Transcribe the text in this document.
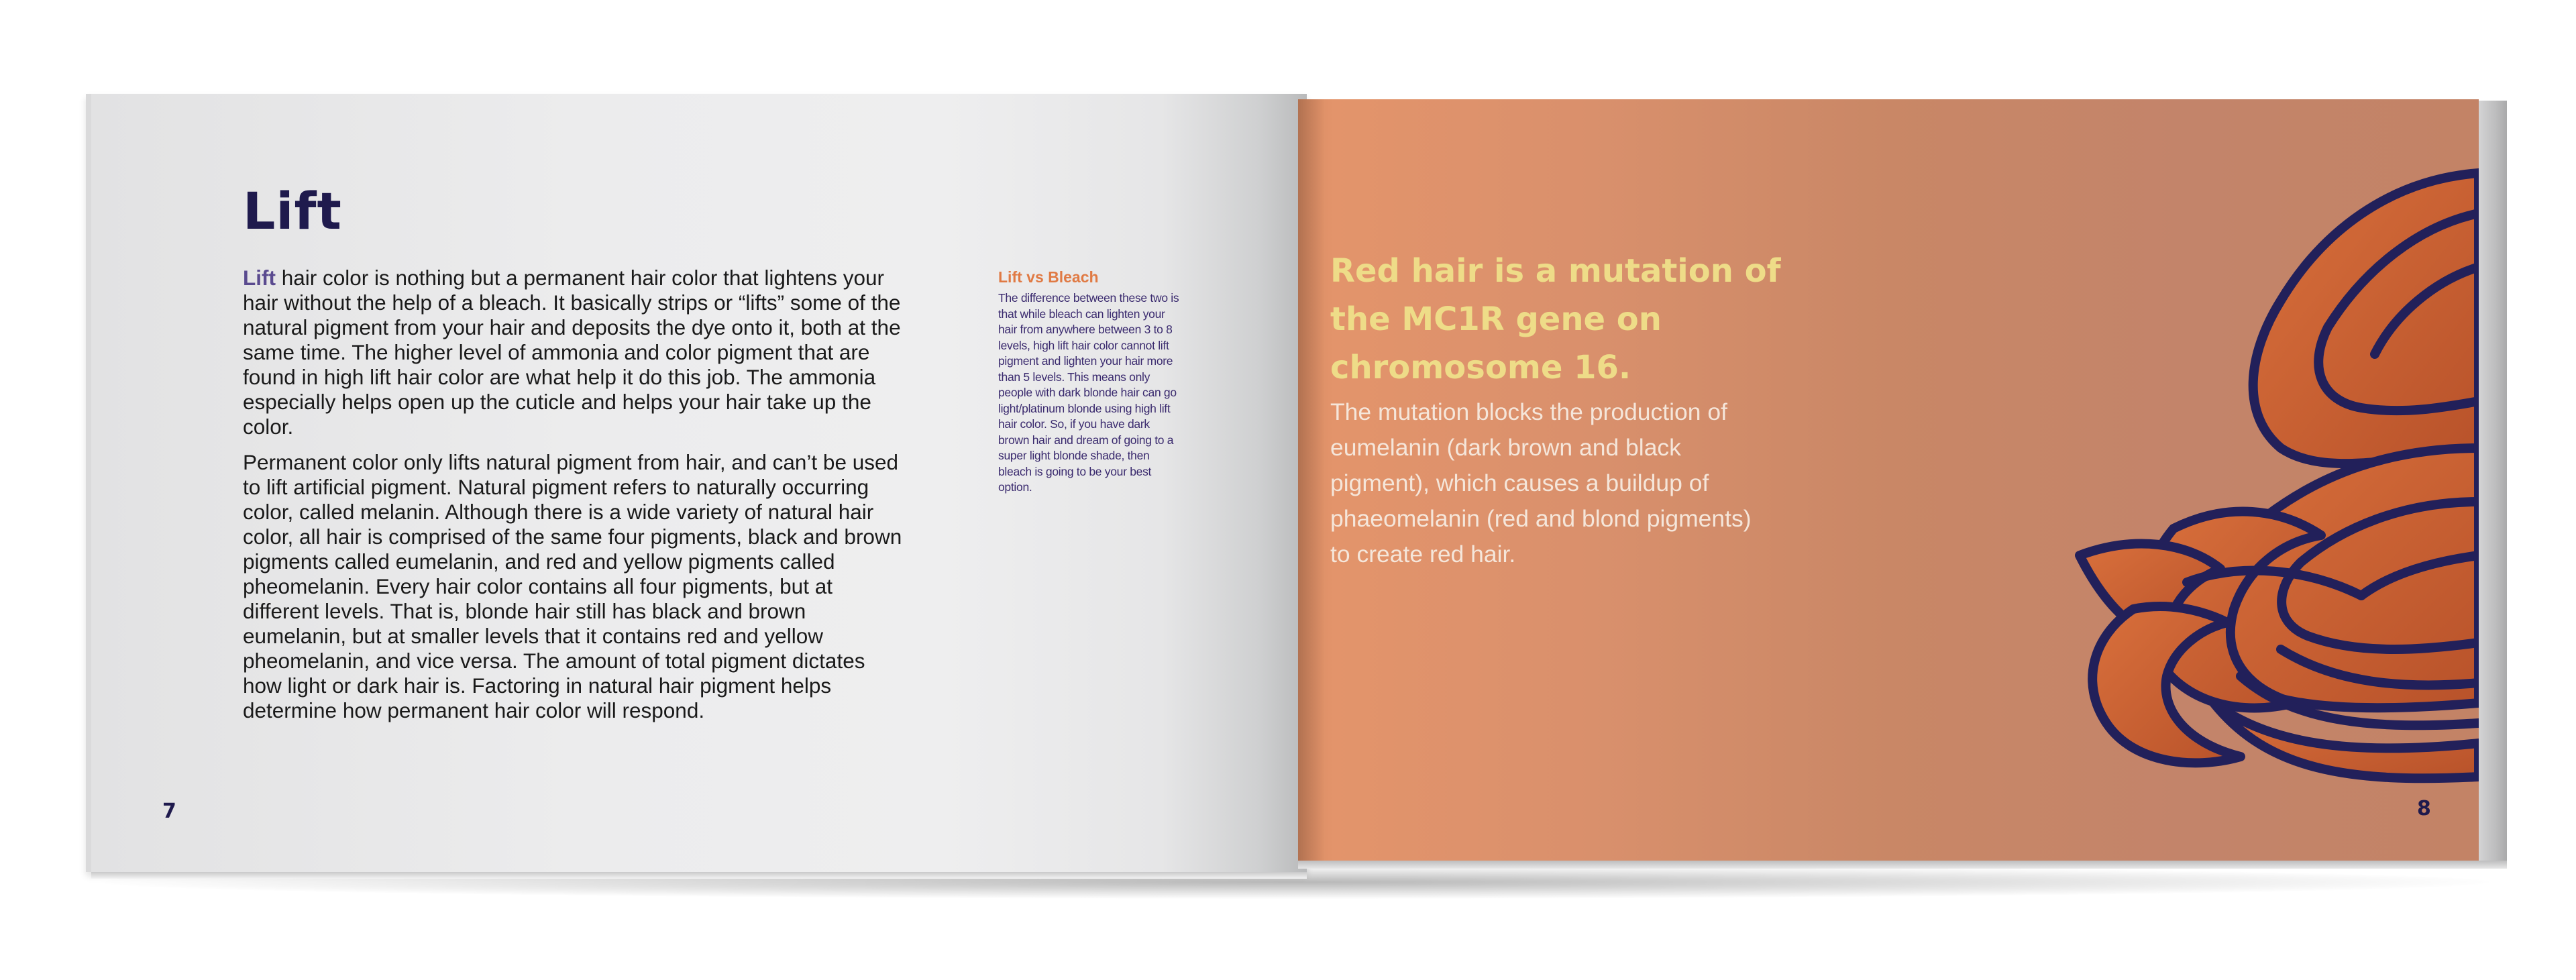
Lift

Lift hair color is nothing but a permanent hair color that lightens your hair without the help of a bleach. It basically strips or “lifts” some of the natural pigment from your hair and deposits the dye onto it, both at the same time. The higher level of ammonia and color pigment that are found in high lift hair color are what help it do this job. The ammonia especially helps open up the cuticle and helps your hair take up the color.

Permanent color only lifts natural pigment from hair, and can’t be used to lift artificial pigment. Natural pigment refers to naturally occurring color, called melanin. Although there is a wide variety of natural hair color, all hair is comprised of the same four pigments, black and brown pigments called eumelanin, and red and yellow pigments called pheomelanin. Every hair color contains all four pigments, but at different levels. That is, blonde hair still has black and brown eumelanin, but at smaller levels that it contains red and yellow pheomelanin, and vice versa. The amount of total pigment dictates how light or dark hair is. Factoring in natural hair pigment helps determine how permanent hair color will respond.

Lift vs Bleach
The difference between these two is that while bleach can lighten your hair from anywhere between 3 to 8 levels, high lift hair color cannot lift pigment and lighten your hair more than 5 levels. This means only people with dark blonde hair can go light/platinum blonde using high lift hair color. So, if you have dark brown hair and dream of going to a super light blonde shade, then bleach is going to be your best option.
7
Red hair is a mutation of the MC1R gene on chromosome 16.
The mutation blocks the production of eumelanin (dark brown and black pigment), which causes a buildup of phaeomelanin (red and blond pigments) to create red hair.
8
